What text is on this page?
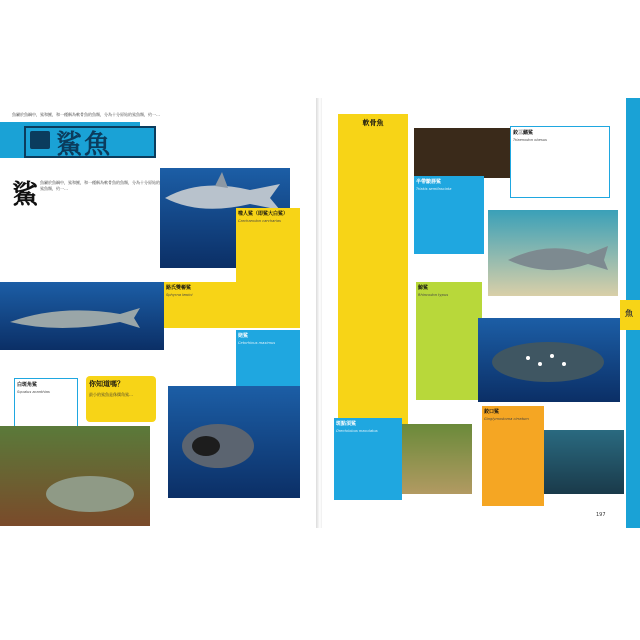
魚屬於魚綱中，鯊和鰩，和一種稱為軟骨魚的魚類，分為十分原始的鯊魚類，約一…
鯊魚
鯊 魚屬於魚綱中，鯊和鰩，和一種稱為軟骨魚的魚類，分為十分原始的鯊魚類，約一…
噬人鯊（即鯊大白鯊）
Carcharodon carcharias
路氏雙髻鯊
Sphyrna lewini
姥鯊
Cetorhinus maximus
白斑角鯊
Squalus acanthias
你知道嗎？
最小的鯊魚是侏儒角鯊…
軟骨魚
鉸三鰭鯊
Triaenodon obesus
半帶皺唇鯊
Triakis semifasciata
鯨鯊
Rhincodon typus
斑點須鯊
Orectolobus maculatus
鉸口鯊
Ginglymostoma cirratum
魚
197
